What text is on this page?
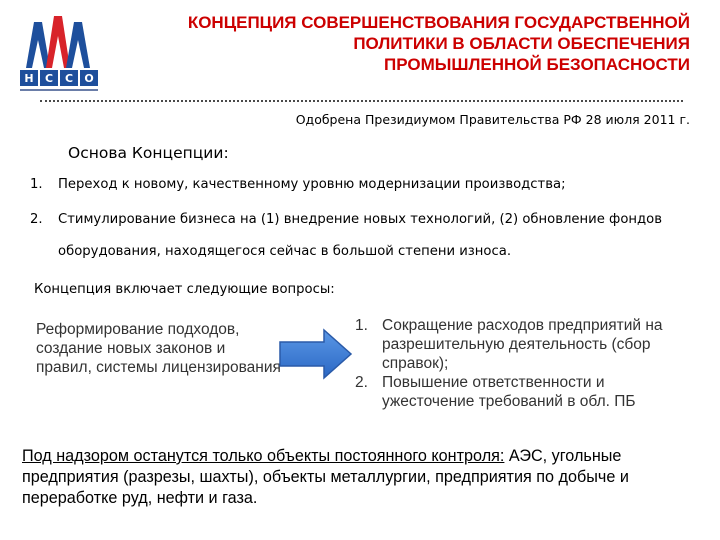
Н	С	С	О
КОНЦЕПЦИЯ СОВЕРШЕНСТВОВАНИЯ ГОСУДАРСТВЕННОЙ
ПОЛИТИКИ В ОБЛАСТИ ОБЕСПЕЧЕНИЯ
ПРОМЫШЛЕННОЙ БЕЗОПАСНОСТИ
Одобрена Президиумом Правительства РФ 28 июля 2011 г.
Основа Концепции:
1. Переход к новому, качественному уровню модернизации производства;
2. Стимулирование бизнеса на (1) внедрение новых технологий, (2) обновление фондов оборудования, находящегося сейчас в большой степени износа.
Концепция включает следующие вопросы:
Реформирование подходов, создание новых законов и правил, системы лицензирования
1. Сокращение расходов предприятий на разрешительную деятельность (сбор справок);
2. Повышение ответственности и ужесточение требований в обл. ПБ
Под надзором останутся только объекты постоянного контроля: АЭС, угольные предприятия (разрезы, шахты), объекты металлургии, предприятия по добыче и переработке руд, нефти и газа.
